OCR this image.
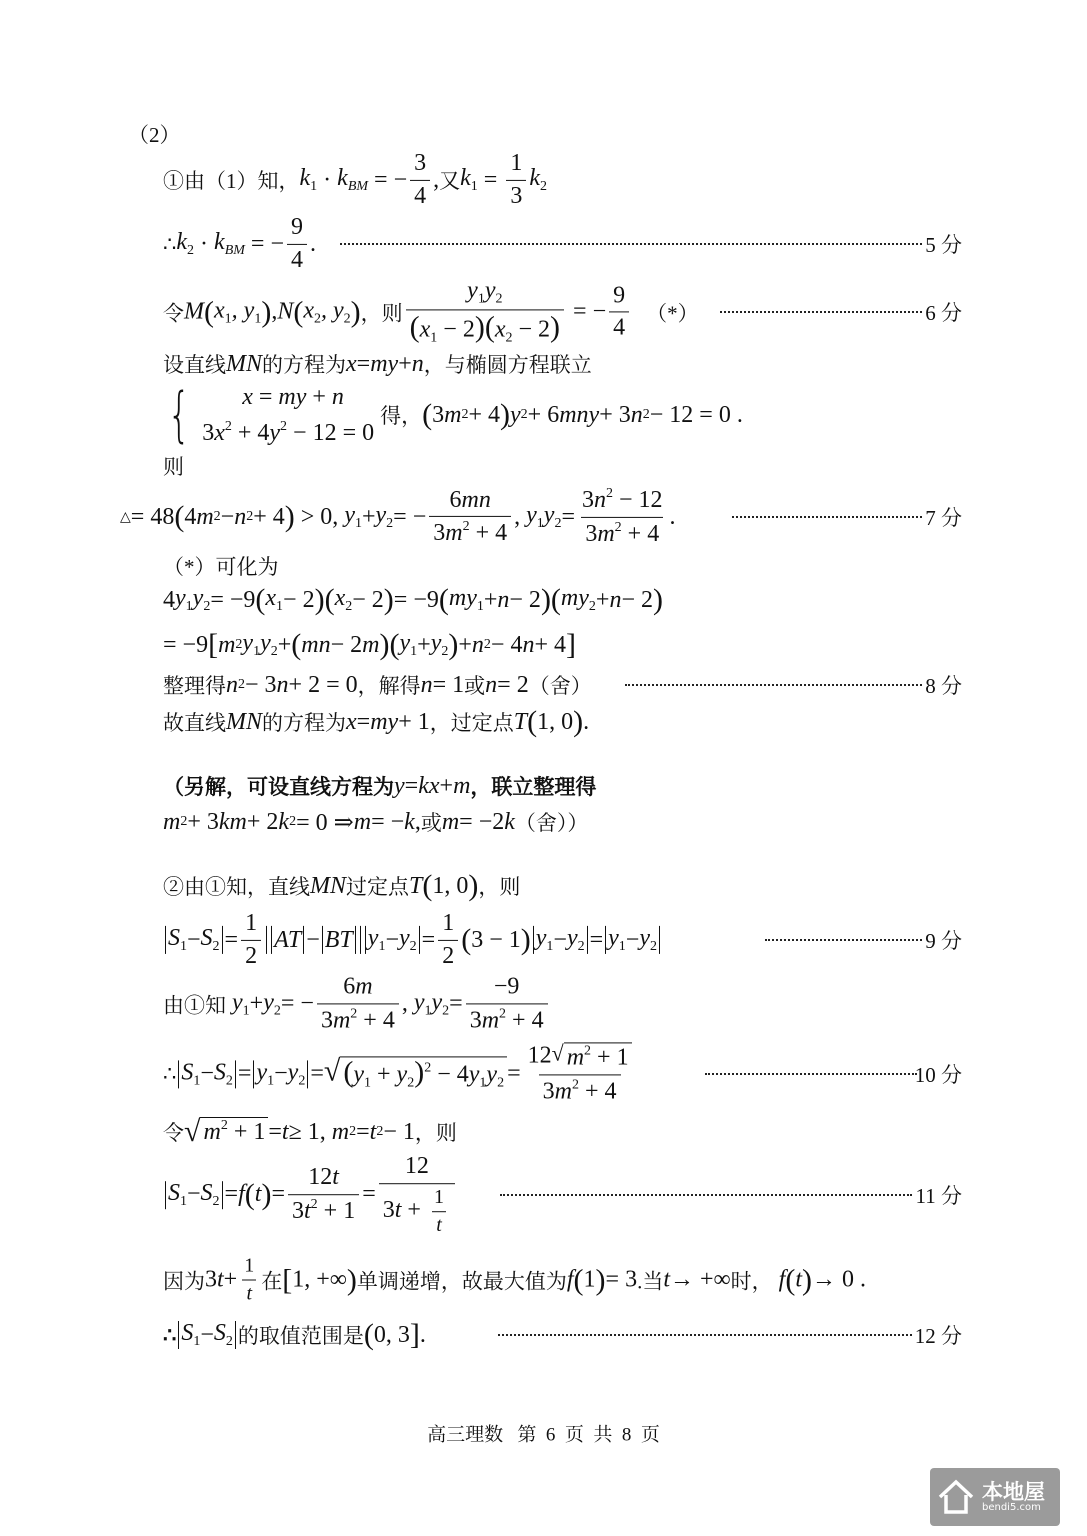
（2）
①由（1）知， $k_1 \cdot k_{BM}$ = − $\frac{3}{4}$ , 又 $k_1 = \frac{1}{3} k_2$
∴ $k_2 \cdot k_{BM}$ = − $\frac{9}{4}$ .	5 分
令 M ( $x_1$, $y_1$ ) , N ( $x_2$, $y_2$ ) ，则 $\frac{y_1y_2}{(x_1 - 2)(x_2 - 2)}$ = − $\frac{9}{4}$ （*）	6 分
设直线 MN 的方程为 x = my + n ，与椭圆方程联立
{	x = my + n
$3x^2 + 4y^2 - 12 = 0$
得， ( 3 m 2 + 4 ) y 2 + 6 mny + 3 n 2 − 12 = 0 .
则
△ = 48 ( 4 m 2 − n 2 + 4 ) > 0, $y_1 + y_2$ = − $\frac{6mn}{3m^2 + 4}$ , $y_1y_2 = \frac{3n^2 - 12}{3m^2 + 4}$ .	7 分
（*）可化为
4 $y_1y_2 = -9$ ( $x_1 - 2$ )( $x_2 - 2$ ) = −9 ( $my_1 + n - 2$ )( $my_2 + n - 2$ )
= −9 [ m 2 $y_1y_2$ + ( mn − 2 m )( $y_1 + y_2$ ) + n 2 − 4 n + 4 ]
整理得 n 2 − 3 n + 2 = 0 ，解得 n = 1 或 n = 2 （舍）	8 分
故直线 MN 的方程为 x = my + 1 ，过定点 T ( 1, 0 ) .
（另解，可设直线方程为 y = kx + m ，联立整理得
m 2 + 3 km + 2 k 2 = 0 ⇒ m = − k , 或 m = −2 k （舍））
②由①知，直线 MN 过定点 T ( 1, 0 ) ，则
$S_1 - S_2 = \frac{1}{2}$ AT − BT $y_1 - y_2 = \frac{1}{2}$ ( 3 − 1 ) $y_1 - y_2 = y_1 - y_2$	9 分
由①知 $y_1 + y_2$ = − $\frac{6m}{3m^2 + 4}$ , $y_1y_2 = \frac{-9}{3m^2 + 4}$
∴ $S_1 - S_2 = y_1 - y_2$ = √ $(y_1 + y_2)^2 - 4y_1y_2 = \frac{12 √ m^2 + 1}{3m^2 + 4}$	10 分
令 √ $m^2 + 1 = t \ge 1$, m 2 = t 2 − 1 ，则
$S_1 - S_2 = f$ ( t ) = $\frac{12t}{3t^2 + 1} = \frac{12}{3 t + \frac{1}{t}}$	11 分
因为 3 $t + \frac{1}{t}$ 在 [ 1, +∞ ) 单调递增，故最大值为 f ( 1 ) = 3 .当 t → +∞ 时， f ( t ) → 0 .
∴ $S_1 - S_2$ 的取值范围是 ( 0, 3 ] .	12 分
高三理数   第  6  页  共  8  页
本地屋
bendi5.com
